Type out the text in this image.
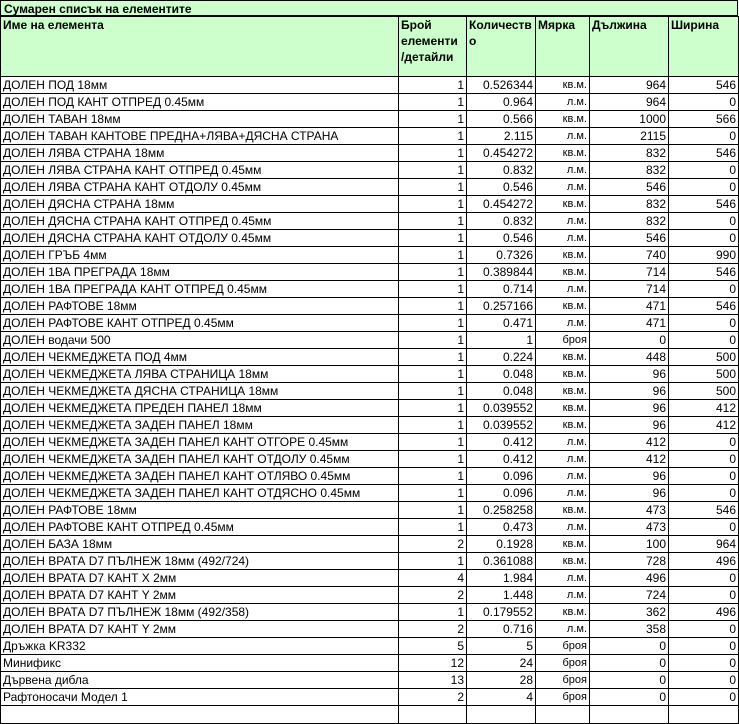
Сумарен списък на елементите
Име на елемента	Брой елементи /детайли	Количество	Мярка	Дължина	Ширина
ДОЛЕН ПОД 18мм	1	0.526344	кв.м.	964	546
ДОЛЕН ПОД КАНТ ОТПРЕД 0.45мм	1	0.964	л.м.	964	0
ДОЛЕН ТАВАН 18мм	1	0.566	кв.м.	1000	566
ДОЛЕН ТАВАН КАНТОВЕ ПРЕДНА+ЛЯВА+ДЯСНА СТРАНА	1	2.115	л.м.	2115	0
ДОЛЕН ЛЯВА СТРАНА 18мм	1	0.454272	кв.м.	832	546
ДОЛЕН ЛЯВА СТРАНА КАНТ ОТПРЕД 0.45мм	1	0.832	л.м.	832	0
ДОЛЕН ЛЯВА СТРАНА КАНТ ОТДОЛУ 0.45мм	1	0.546	л.м.	546	0
ДОЛЕН ДЯСНА СТРАНА 18мм	1	0.454272	кв.м.	832	546
ДОЛЕН ДЯСНА СТРАНА КАНТ ОТПРЕД 0.45мм	1	0.832	л.м.	832	0
ДОЛЕН ДЯСНА СТРАНА КАНТ ОТДОЛУ 0.45мм	1	0.546	л.м.	546	0
ДОЛЕН ГРЪБ 4мм	1	0.7326	кв.м.	740	990
ДОЛЕН 1ВА ПРЕГРАДА 18мм	1	0.389844	кв.м.	714	546
ДОЛЕН 1ВА ПРЕГРАДА КАНТ ОТПРЕД 0.45мм	1	0.714	л.м.	714	0
ДОЛЕН РАФТОВЕ 18мм	1	0.257166	кв.м.	471	546
ДОЛЕН РАФТОВЕ КАНТ ОТПРЕД 0.45мм	1	0.471	л.м.	471	0
ДОЛЕН водачи 500	1	1	броя	0	0
ДОЛЕН ЧЕКМЕДЖЕТА ПОД 4мм	1	0.224	кв.м.	448	500
ДОЛЕН ЧЕКМЕДЖЕТА ЛЯВА СТРАНИЦА 18мм	1	0.048	кв.м.	96	500
ДОЛЕН ЧЕКМЕДЖЕТА ДЯСНА СТРАНИЦА 18мм	1	0.048	кв.м.	96	500
ДОЛЕН ЧЕКМЕДЖЕТА ПРЕДЕН ПАНЕЛ 18мм	1	0.039552	кв.м.	96	412
ДОЛЕН ЧЕКМЕДЖЕТА ЗАДЕН ПАНЕЛ 18мм	1	0.039552	кв.м.	96	412
ДОЛЕН ЧЕКМЕДЖЕТА ЗАДЕН ПАНЕЛ КАНТ ОТГОРЕ 0.45мм	1	0.412	л.м.	412	0
ДОЛЕН ЧЕКМЕДЖЕТА ЗАДЕН ПАНЕЛ КАНТ ОТДОЛУ 0.45мм	1	0.412	л.м.	412	0
ДОЛЕН ЧЕКМЕДЖЕТА ЗАДЕН ПАНЕЛ КАНТ ОТЛЯВО 0.45мм	1	0.096	л.м.	96	0
ДОЛЕН ЧЕКМЕДЖЕТА ЗАДЕН ПАНЕЛ КАНТ ОТДЯСНО 0.45мм	1	0.096	л.м.	96	0
ДОЛЕН РАФТОВЕ 18мм	1	0.258258	кв.м.	473	546
ДОЛЕН РАФТОВЕ КАНТ ОТПРЕД 0.45мм	1	0.473	л.м.	473	0
ДОЛЕН БАЗА 18мм	2	0.1928	кв.м.	100	964
ДОЛЕН ВРАТА D7 ПЪЛНЕЖ 18мм (492/724)	1	0.361088	кв.м.	728	496
ДОЛЕН ВРАТА D7 КАНТ X 2мм	4	1.984	л.м.	496	0
ДОЛЕН ВРАТА D7 КАНТ Y 2мм	2	1.448	л.м.	724	0
ДОЛЕН ВРАТА D7 ПЪЛНЕЖ 18мм (492/358)	1	0.179552	кв.м.	362	496
ДОЛЕН ВРАТА D7 КАНТ Y 2мм	2	0.716	л.м.	358	0
Дръжка KR332	5	5	броя	0	0
Минификс	12	24	броя	0	0
Дървена дибла	13	28	броя	0	0
Рафтоносачи Модел 1	2	4	броя	0	0
